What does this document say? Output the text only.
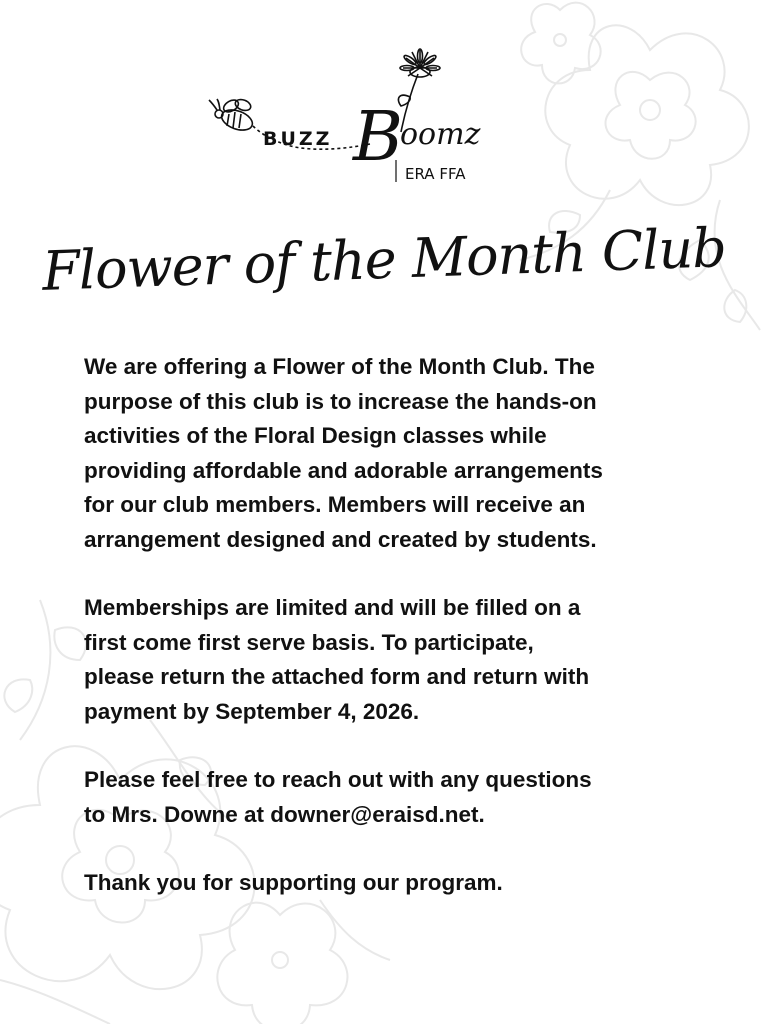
BUZZ B
oomz
ERA FFA
Flower of the Month Club

We are offering a Flower of the Month Club. The
purpose of this club is to increase the hands-on
activities of the Floral Design classes while
providing affordable and adorable arrangements
for our club members. Members will receive an
arrangement designed and created by students.

Memberships are limited and will be filled on a
first come first serve basis. To participate,
please return the attached form and return with
payment by September 4, 2026.

Please feel free to reach out with any questions
to Mrs. Downe at downer@eraisd.net.

Thank you for supporting our program.
